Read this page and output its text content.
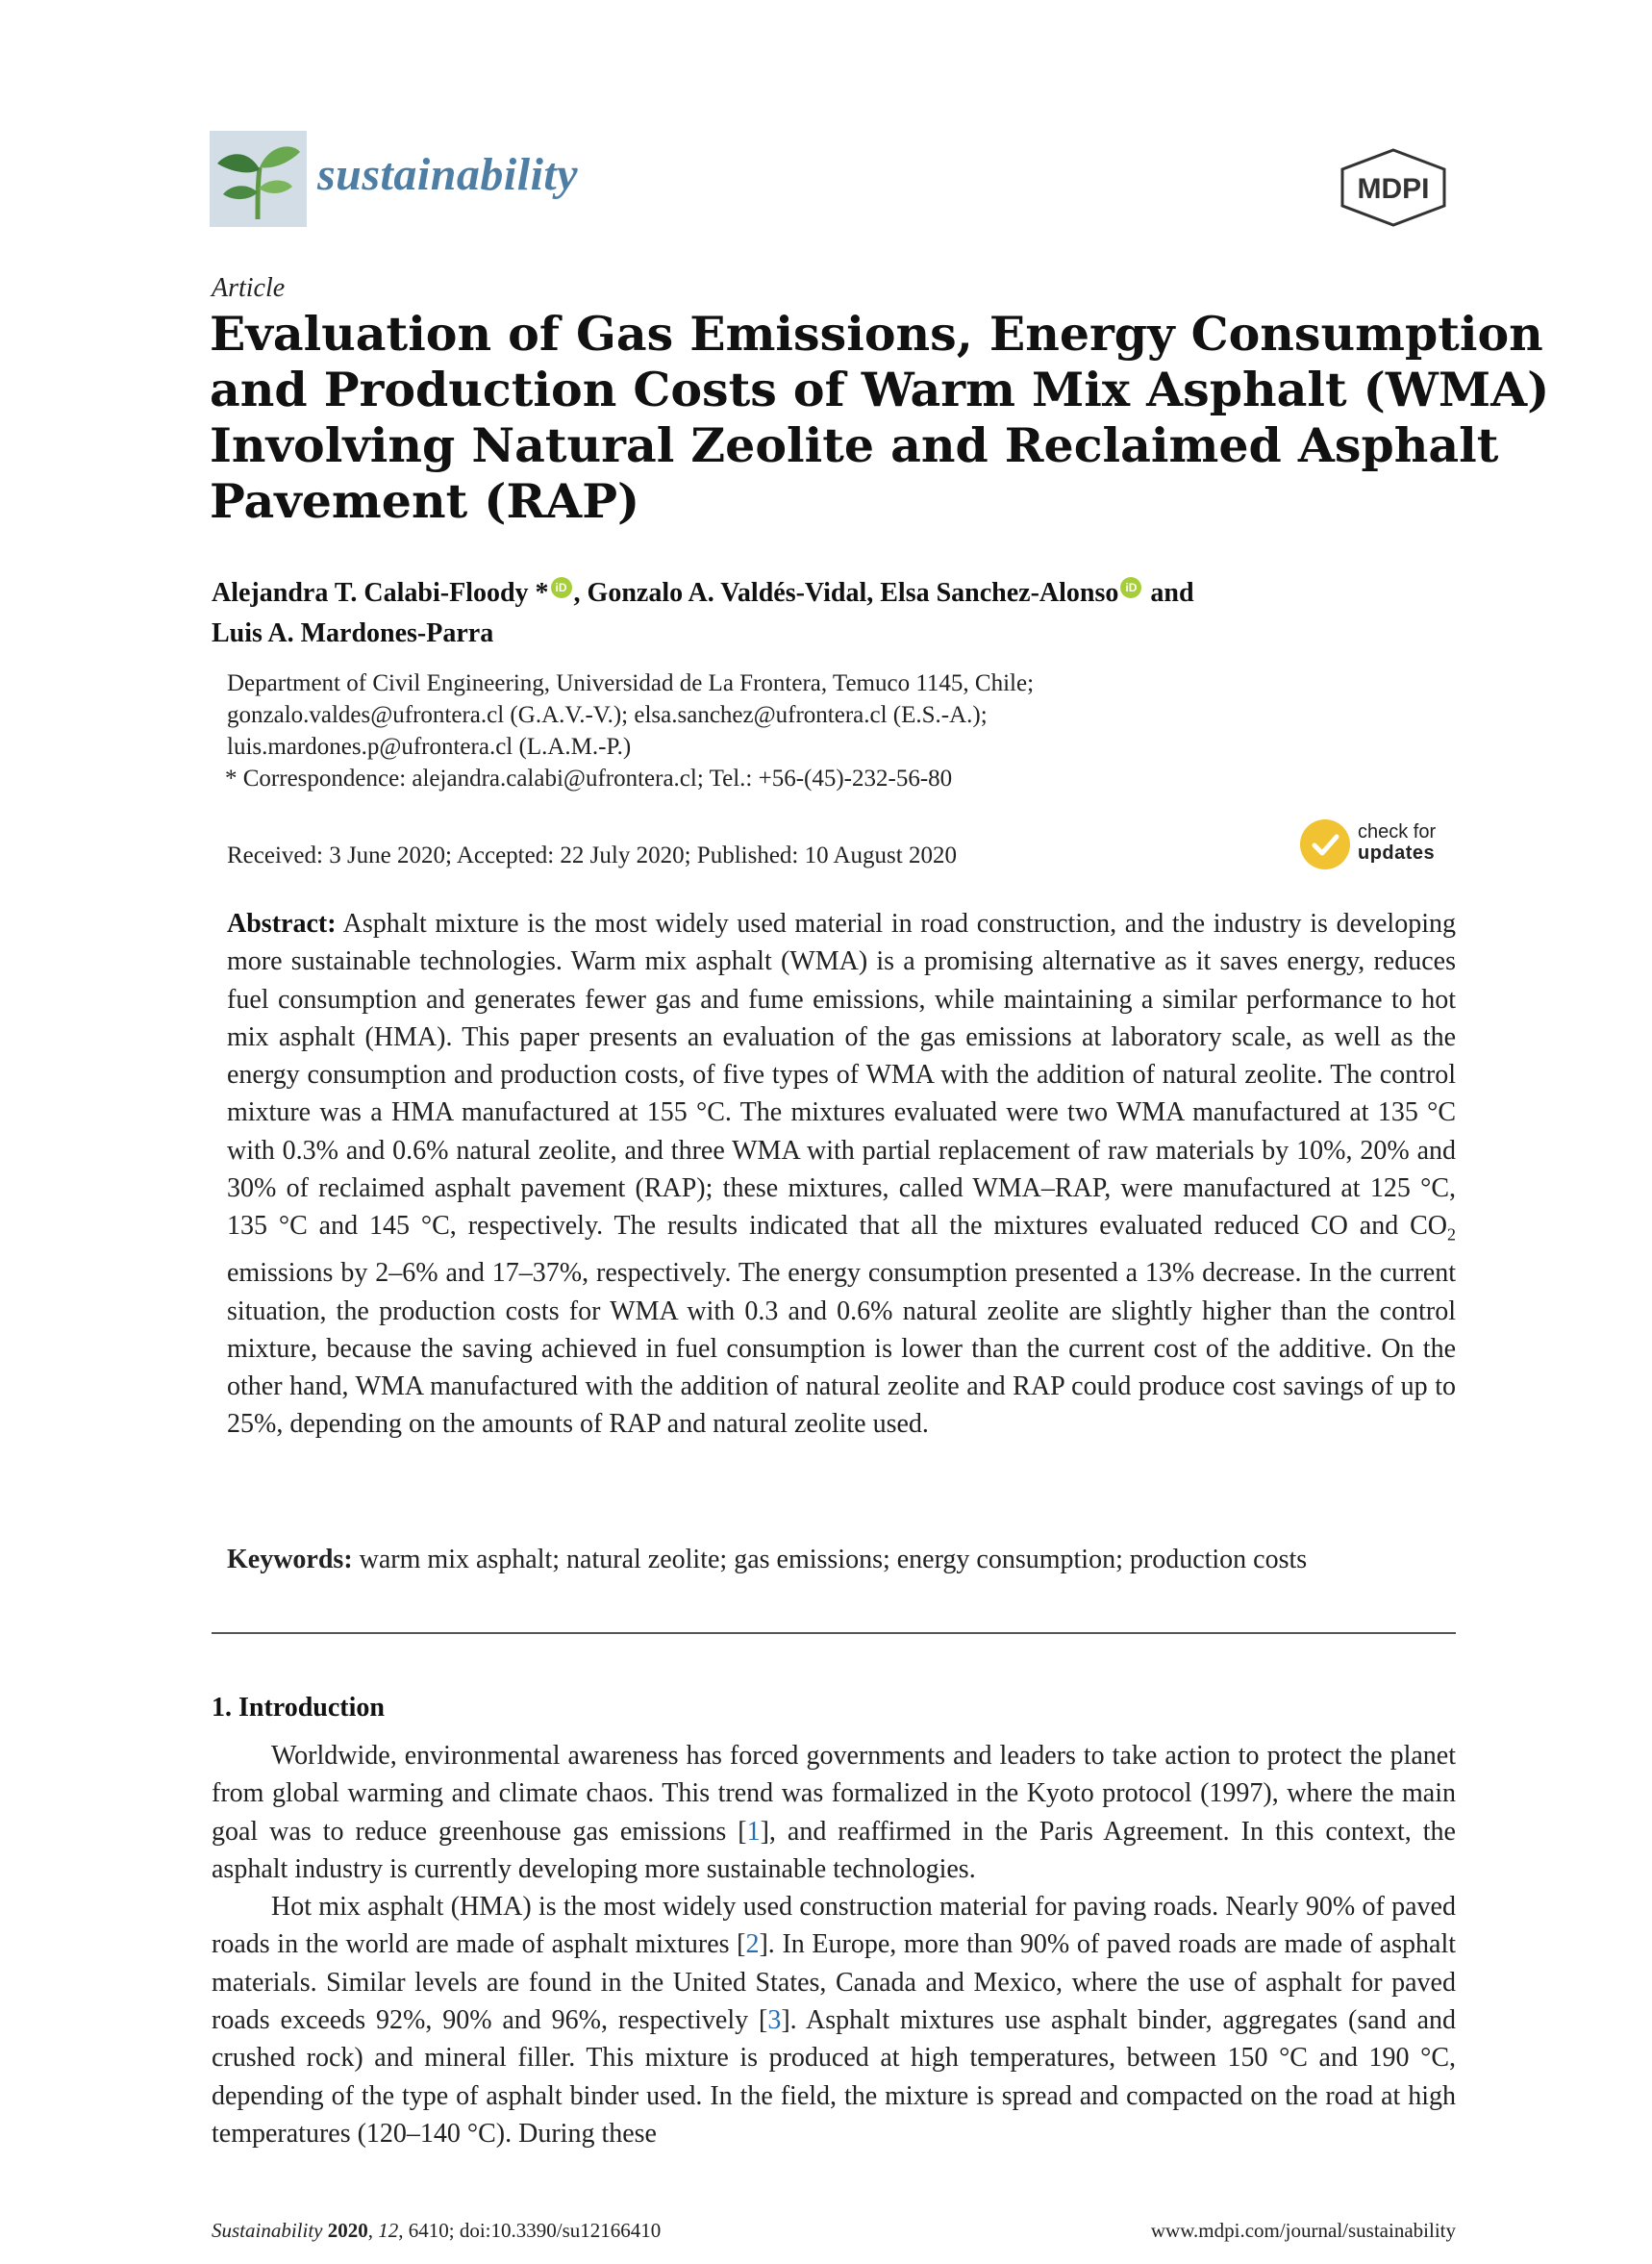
sustainability	MDPI
Article
Evaluation of Gas Emissions, Energy Consumption
and Production Costs of Warm Mix Asphalt (WMA)
Involving Natural Zeolite and Reclaimed Asphalt
Pavement (RAP)
Alejandra T. Calabi-Floody * iD , Gonzalo A. Valdés-Vidal, Elsa Sanchez-Alonso iD and
Luis A. Mardones-Parra
Department of Civil Engineering, Universidad de La Frontera, Temuco 1145, Chile;
gonzalo.valdes@ufrontera.cl (G.A.V.-V.); elsa.sanchez@ufrontera.cl (E.S.-A.);
luis.mardones.p@ufrontera.cl (L.A.M.-P.)
* Correspondence: alejandra.calabi@ufrontera.cl; Tel.: +56-(45)-232-56-80
Received: 3 June 2020; Accepted: 22 July 2020; Published: 10 August 2020
check for
updates
Abstract: Asphalt mixture is the most widely used material in road construction, and the industry is developing more sustainable technologies. Warm mix asphalt (WMA) is a promising alternative as it saves energy, reduces fuel consumption and generates fewer gas and fume emissions, while maintaining a similar performance to hot mix asphalt (HMA). This paper presents an evaluation of the gas emissions at laboratory scale, as well as the energy consumption and production costs, of five types of WMA with the addition of natural zeolite. The control mixture was a HMA manufactured at 155 °C. The mixtures evaluated were two WMA manufactured at 135 °C with 0.3% and 0.6% natural zeolite, and three WMA with partial replacement of raw materials by 10%, 20% and 30% of reclaimed asphalt pavement (RAP); these mixtures, called WMA–RAP, were manufactured at 125 °C, 135 °C and 145 °C, respectively. The results indicated that all the mixtures evaluated reduced CO and $CO_2$ emissions by 2–6% and 17–37%, respectively. The energy consumption presented a 13% decrease. In the current situation, the production costs for WMA with 0.3 and 0.6% natural zeolite are slightly higher than the control mixture, because the saving achieved in fuel consumption is lower than the current cost of the additive. On the other hand, WMA manufactured with the addition of natural zeolite and RAP could produce cost savings of up to 25%, depending on the amounts of RAP and natural zeolite used.
Keywords: warm mix asphalt; natural zeolite; gas emissions; energy consumption; production costs
1. Introduction

Worldwide, environmental awareness has forced governments and leaders to take action to protect the planet from global warming and climate chaos. This trend was formalized in the Kyoto protocol (1997), where the main goal was to reduce greenhouse gas emissions [1], and reaffirmed in the Paris Agreement. In this context, the asphalt industry is currently developing more sustainable technologies.

Hot mix asphalt (HMA) is the most widely used construction material for paving roads. Nearly 90% of paved roads in the world are made of asphalt mixtures [2]. In Europe, more than 90% of paved roads are made of asphalt materials. Similar levels are found in the United States, Canada and Mexico, where the use of asphalt for paved roads exceeds 92%, 90% and 96%, respectively [3]. Asphalt mixtures use asphalt binder, aggregates (sand and crushed rock) and mineral filler. This mixture is produced at high temperatures, between 150 °C and 190 °C, depending of the type of asphalt binder used. In the field, the mixture is spread and compacted on the road at high temperatures (120–140 °C). During these

Sustainability 2020, 12, 6410; doi:10.3390/su12166410	www.mdpi.com/journal/sustainability
